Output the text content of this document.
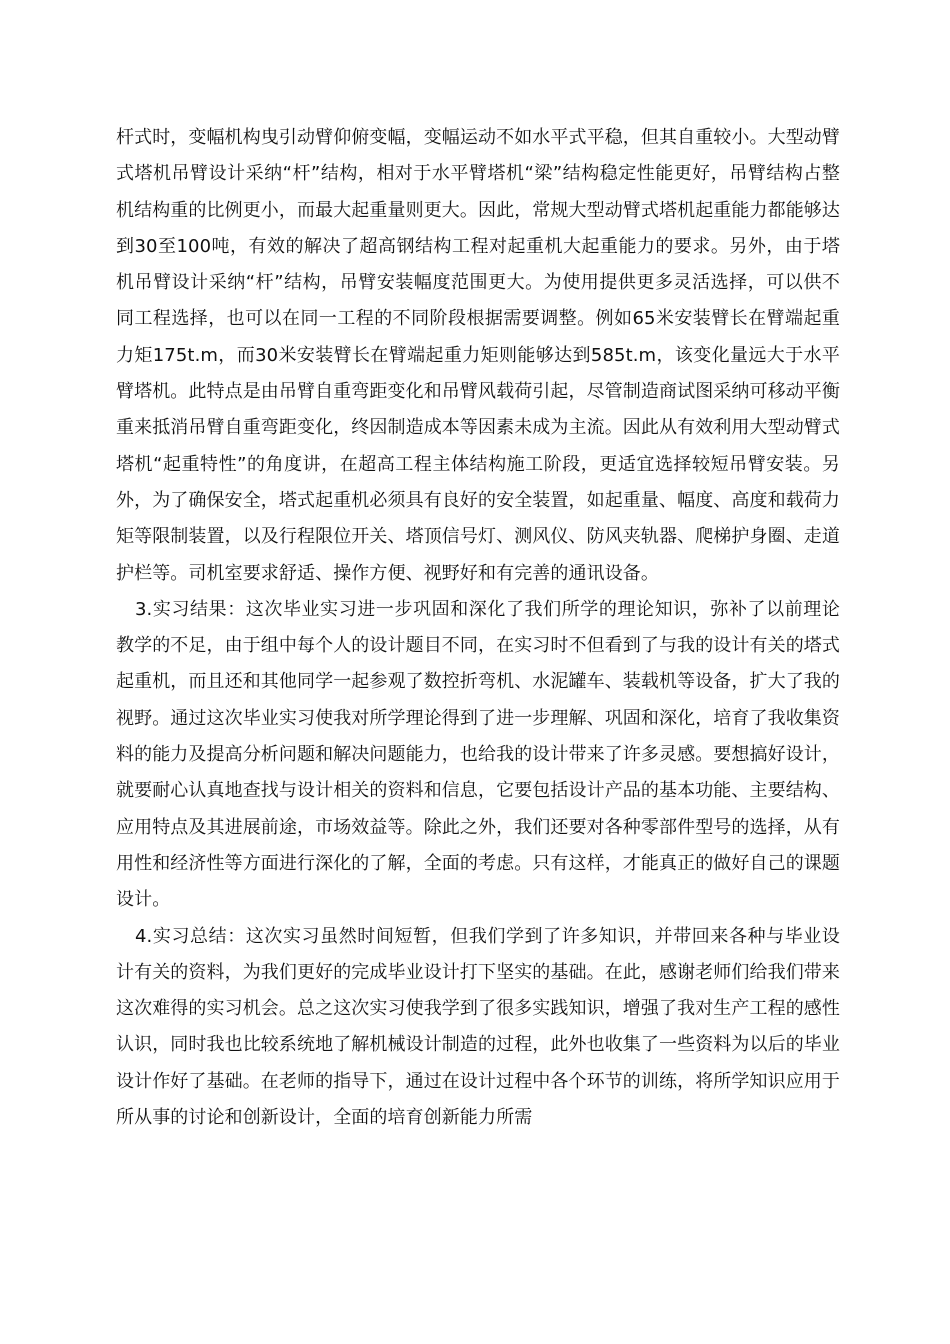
杆式时，变幅机构曳引动臂仰俯变幅，变幅运动不如水平式平稳，但其自重较小。大型动臂式塔机吊臂设计采纳“杆”结构，相对于水平臂塔机“梁”结构稳定性能更好，吊臂结构占整机结构重的比例更小，而最大起重量则更大。因此，常规大型动臂式塔机起重能力都能够达到30至100吨，有效的解决了超高钢结构工程对起重机大起重能力的要求。另外，由于塔机吊臂设计采纳“杆”结构，吊臂安装幅度范围更大。为使用提供更多灵活选择，可以供不同工程选择，也可以在同一工程的不同阶段根据需要调整。例如65米安装臂长在臂端起重力矩175t.m，而30米安装臂长在臂端起重力矩则能够达到585t.m，该变化量远大于水平臂塔机。此特点是由吊臂自重弯距变化和吊臂风载荷引起，尽管制造商试图采纳可移动平衡重来抵消吊臂自重弯距变化，终因制造成本等因素未成为主流。因此从有效利用大型动臂式塔机“起重特性”的角度讲，在超高工程主体结构施工阶段，更适宜选择较短吊臂安装。另外，为了确保安全，塔式起重机必须具有良好的安全装置，如起重量、幅度、高度和载荷力矩等限制装置，以及行程限位开关、塔顶信号灯、测风仪、防风夹轨器、爬梯护身圈、走道护栏等。司机室要求舒适、操作方便、视野好和有完善的通讯设备。

3.实习结果：这次毕业实习进一步巩固和深化了我们所学的理论知识，弥补了以前理论教学的不足，由于组中每个人的设计题目不同，在实习时不但看到了与我的设计有关的塔式起重机，而且还和其他同学一起参观了数控折弯机、水泥罐车、装载机等设备，扩大了我的视野。通过这次毕业实习使我对所学理论得到了进一步理解、巩固和深化，培育了我收集资料的能力及提高分析问题和解决问题能力，也给我的设计带来了许多灵感。要想搞好设计，就要耐心认真地查找与设计相关的资料和信息，它要包括设计产品的基本功能、主要结构、应用特点及其进展前途，市场效益等。除此之外，我们还要对各种零部件型号的选择，从有用性和经济性等方面进行深化的了解，全面的考虑。只有这样，才能真正的做好自己的课题设计。

4.实习总结：这次实习虽然时间短暂，但我们学到了许多知识，并带回来各种与毕业设计有关的资料，为我们更好的完成毕业设计打下坚实的基础。在此，感谢老师们给我们带来这次难得的实习机会。总之这次实习使我学到了很多实践知识，增强了我对生产工程的感性认识，同时我也比较系统地了解机械设计制造的过程，此外也收集了一些资料为以后的毕业设计作好了基础。在老师的指导下，通过在设计过程中各个环节的训练，将所学知识应用于所从事的讨论和创新设计，全面的培育创新能力所需
